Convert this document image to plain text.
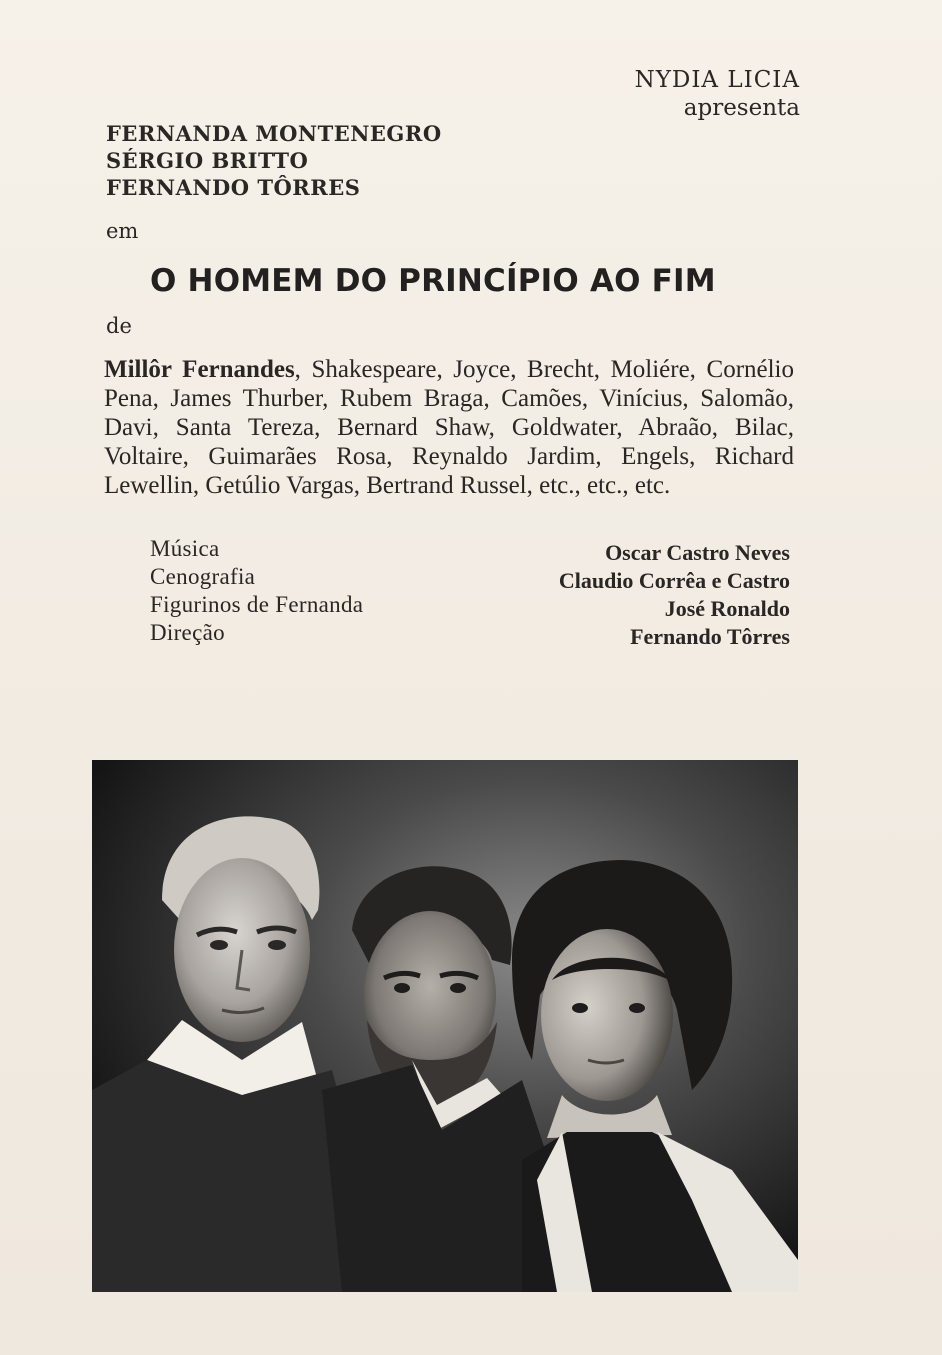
NYDIA LICIA
apresenta
FERNANDA MONTENEGRO
SÉRGIO BRITTO
FERNANDO TÔRRES
em
O HOMEM DO PRINCÍPIO AO FIM
de
Millôr Fernandes, Shakespeare, Joyce, Brecht, Moliére, Cornélio Pena, James Thurber, Rubem Braga, Camões, Vinícius, Salomão, Davi, Santa Tereza, Bernard Shaw, Goldwater, Abraão, Bilac, Voltaire, Guimarães Rosa, Reynaldo Jardim, Engels, Richard Lewellin, Getúlio Vargas, Bertrand Russel, etc., etc., etc.
Música	Oscar Castro Neves
Cenografia	Claudio Corrêa e Castro
Figurinos de Fernanda	José Ronaldo
Direção	Fernando Tôrres
